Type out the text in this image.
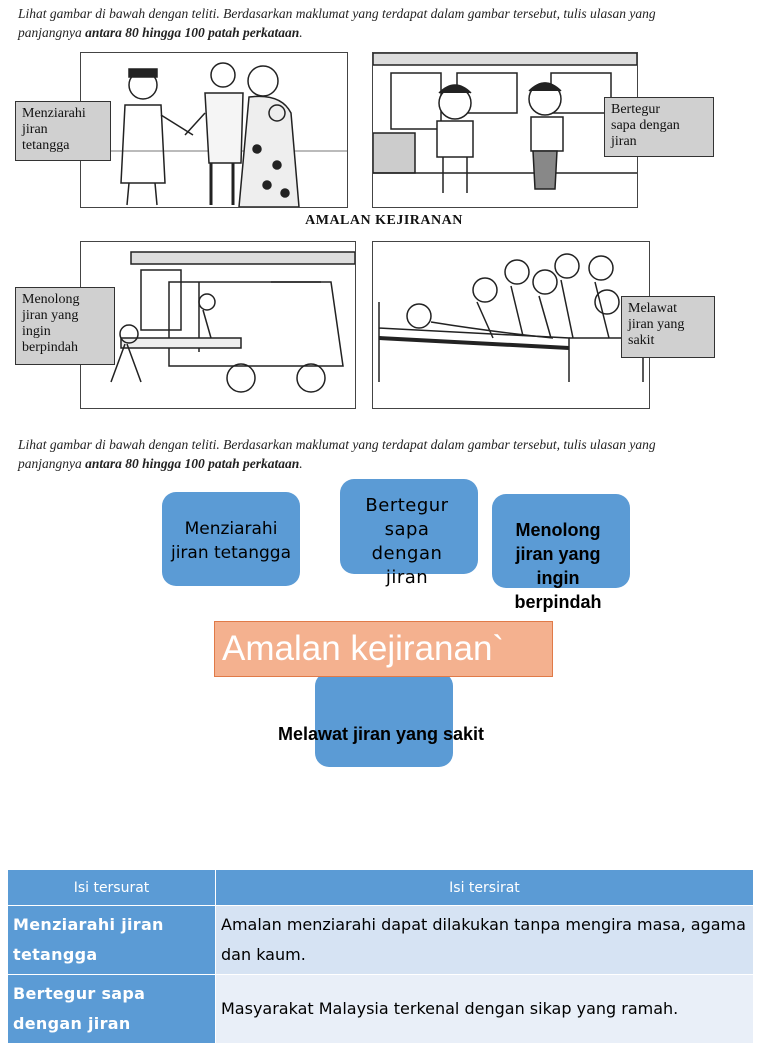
Lihat gambar di bawah dengan teliti. Berdasarkan maklumat yang terdapat dalam gambar tersebut, tulis ulasan yang
panjangnya antara 80 hingga 100 patah perkataan.
Menziarahi
jiran
tetangga
Bertegur
sapa dengan
jiran
AMALAN KEJIRANAN
Menolong
jiran yang
ingin
berpindah
Melawat
jiran yang
sakit
Lihat gambar di bawah dengan teliti. Berdasarkan maklumat yang terdapat dalam gambar tersebut, tulis ulasan yang
panjangnya antara 80 hingga 100 patah perkataan.
Menziarahi
jiran tetangga
Bertegur
sapa
dengan
jiran
Menolong
jiran yang
ingin
berpindah
Amalan kejiranan`
Melawat jiran yang sakit
Isi tersurat	Isi tersirat
Menziarahi jiran tetangga	Amalan menziarahi dapat dilakukan tanpa mengira masa, agama dan kaum.
Bertegur sapa dengan jiran	Masyarakat Malaysia terkenal dengan sikap yang ramah.
